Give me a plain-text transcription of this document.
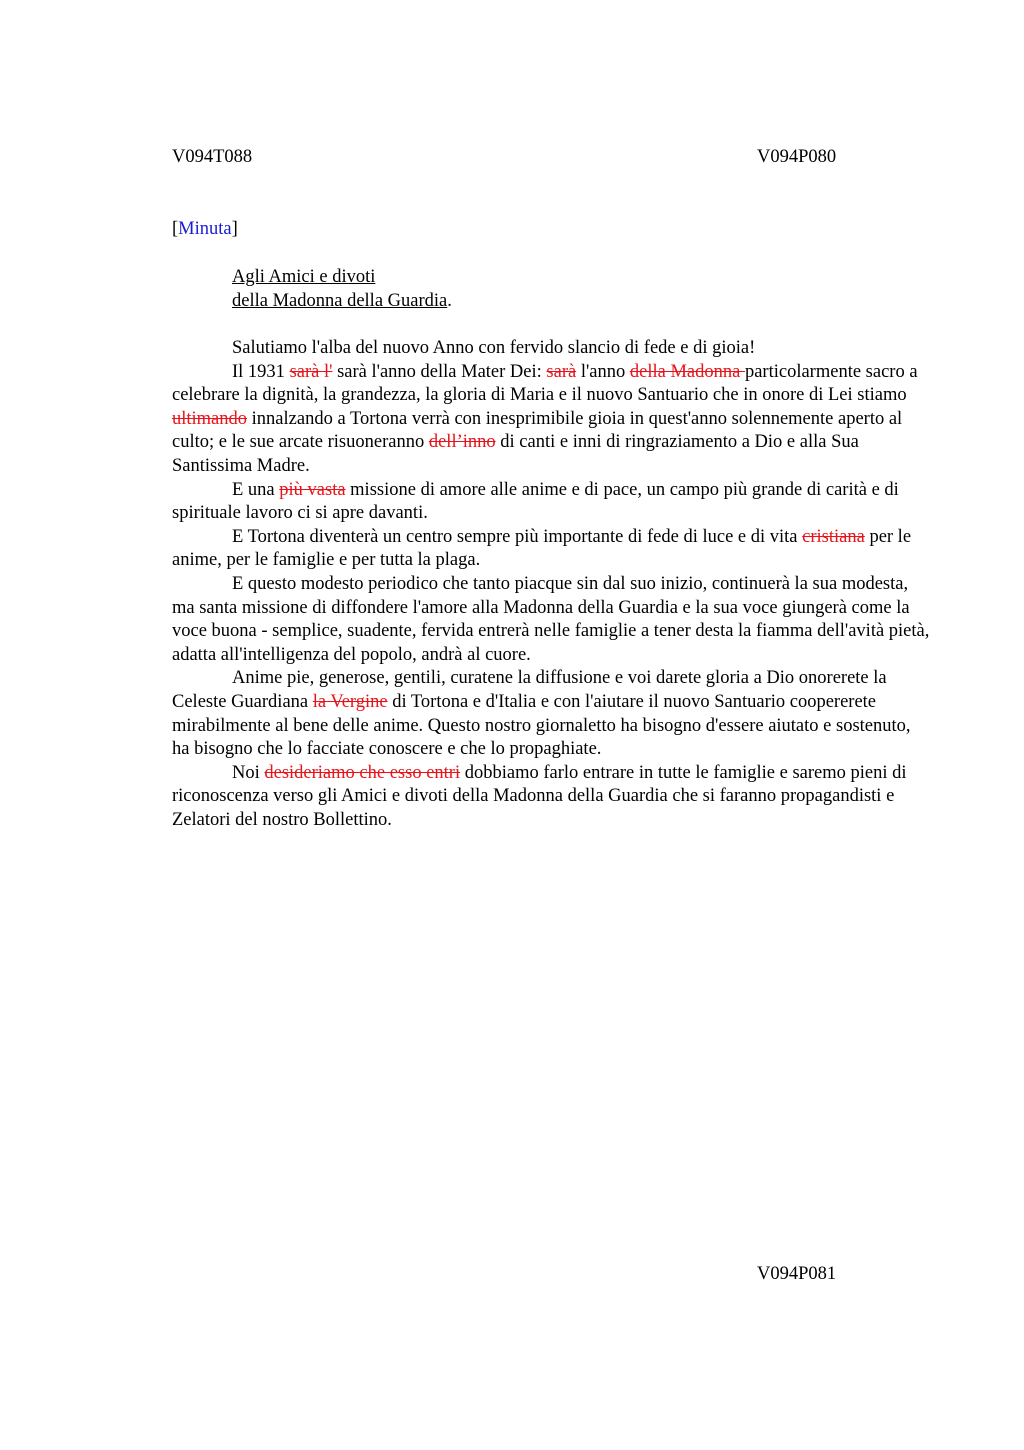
V094T088	V094P080
[Minuta]
Agli Amici e divoti
della Madonna della Guardia.

Salutiamo l'alba del nuovo Anno con fervido slancio di fede e di gioia!

Il 1931 sarà l' sarà l'anno della Mater Dei: sarà l'anno della Madonna particolarmente sacro a celebrare la dignità, la grandezza, la gloria di Maria e il nuovo Santuario che in onore di Lei stiamo ultimando innalzando a Tortona verrà con inesprimibile gioia in quest'anno solennemente aperto al culto; e le sue arcate risuoneranno dell’inno di canti e inni di ringraziamento a Dio e alla Sua Santissima Madre.

E una più vasta missione di amore alle anime e di pace, un campo più grande di carità e di spirituale lavoro ci si apre davanti.

E Tortona diventerà un centro sempre più importante di fede di luce e di vita cristiana per le anime, per le famiglie e per tutta la plaga.

E questo modesto periodico che tanto piacque sin dal suo inizio, continuerà la sua modesta, ma santa missione di diffondere l'amore alla Madonna della Guardia e la sua voce giungerà come la voce buona - semplice, suadente, fervida entrerà nelle famiglie a tener desta la fiamma dell'avità pietà, adatta all'intelligenza del popolo, andrà al cuore.

Anime pie, generose, gentili, curatene la diffusione e voi darete gloria a Dio onorerete la Celeste Guardiana la Vergine di Tortona e d'Italia e con l'aiutare il nuovo Santuario coopererete mirabilmente al bene delle anime. Questo nostro giornaletto ha bisogno d'essere aiutato e sostenuto, ha bisogno che lo facciate conoscere e che lo propaghiate.

Noi desideriamo che esso entri dobbiamo farlo entrare in tutte le famiglie e saremo pieni di riconoscenza verso gli Amici e divoti della Madonna della Guardia che si faranno propagandisti e Zelatori del nostro Bollettino.

V094P081
